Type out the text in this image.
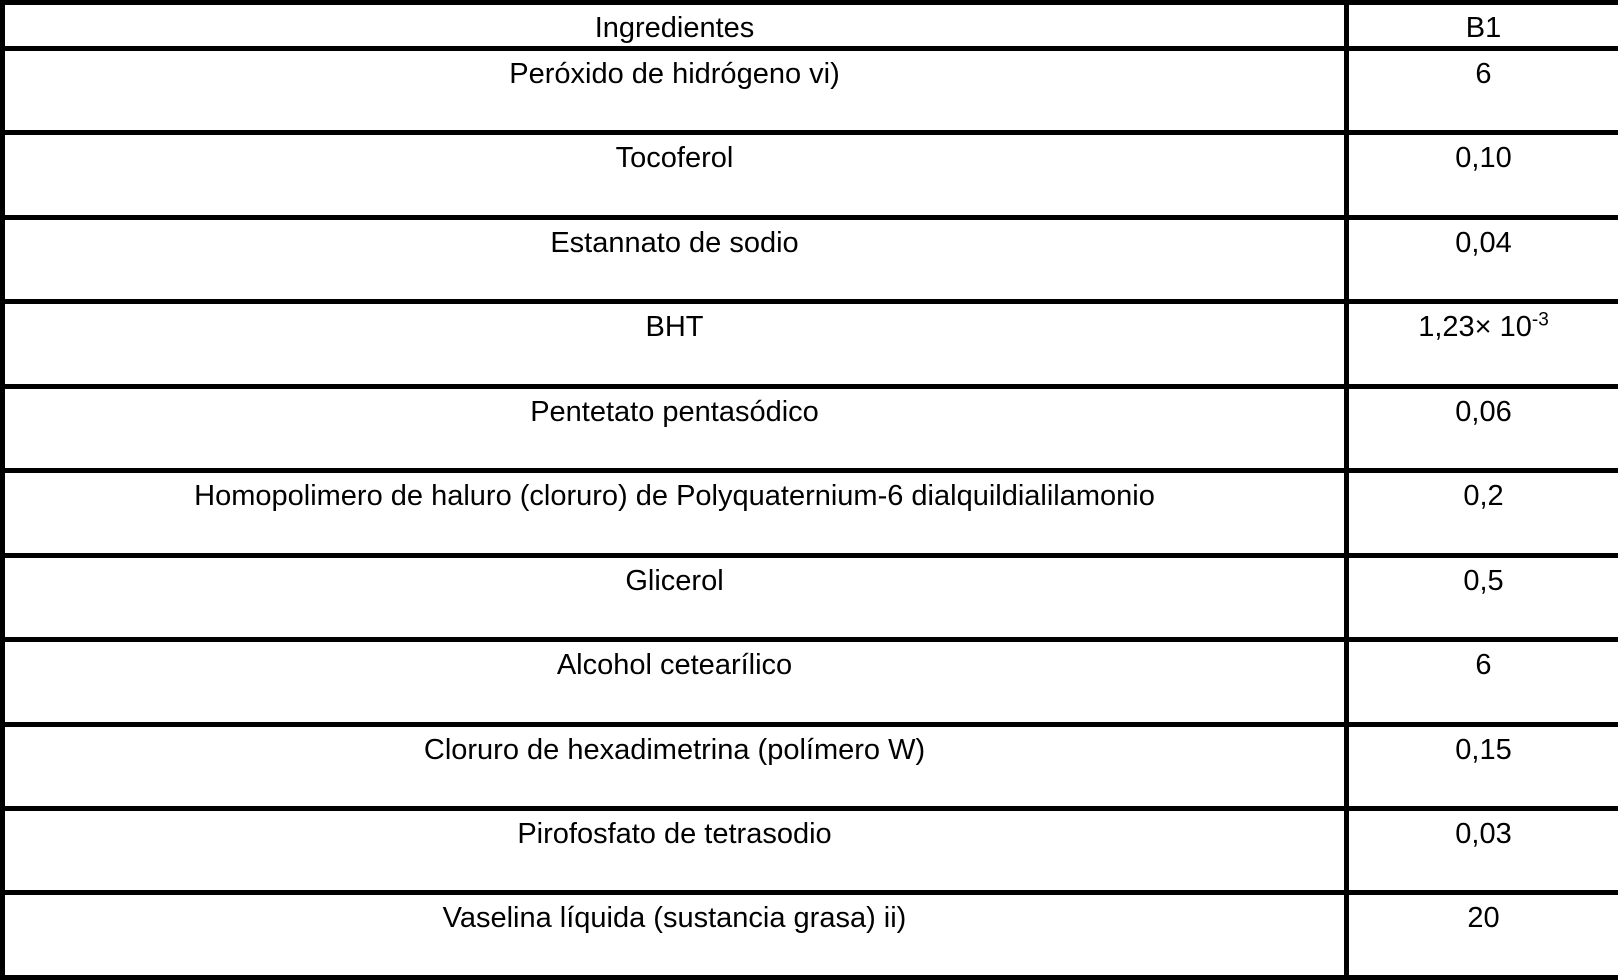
Ingredientes	B1
Peróxido de hidrógeno vi)	6
Tocoferol	0,10
Estannato de sodio	0,04
BHT	$1,23\times 10^{-3}$
Pentetato pentasódico	0,06
Homopolimero de haluro (cloruro) de Polyquaternium-6 dialquildialilamonio	0,2
Glicerol	0,5
Alcohol cetearílico	6
Cloruro de hexadimetrina (polímero W)	0,15
Pirofosfato de tetrasodio	0,03
Vaselina líquida (sustancia grasa) ii)	20
